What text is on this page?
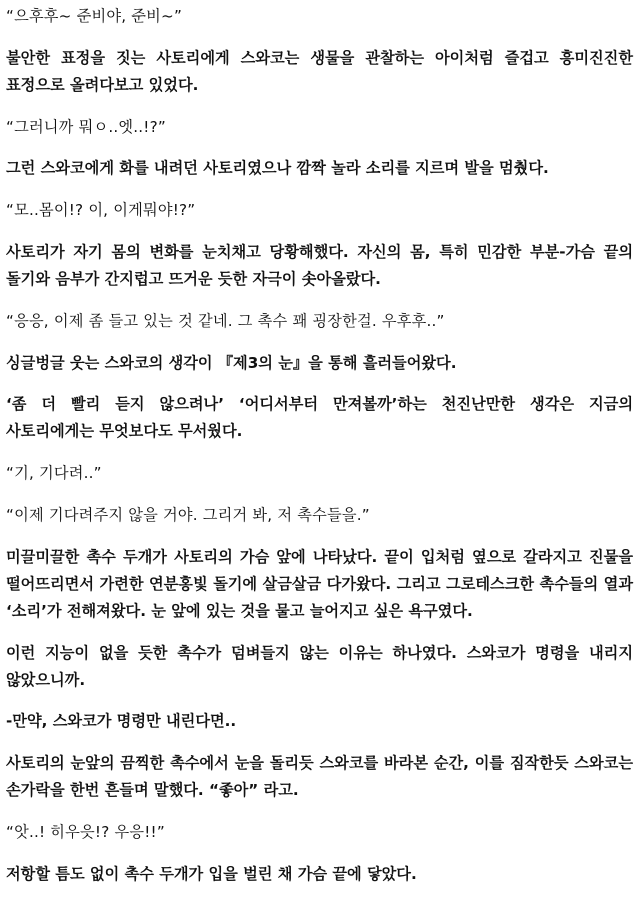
“으후후~ 준비야, 준비~”

불안한 표정을 짓는 사토리에게 스와코는 생물을 관찰하는 아이처럼 즐겁고 흥미진진한 표정으로 올려다보고 있었다.

“그러니까 뭐ㅇ..엣..!?”

그런 스와코에게 화를 내려던 사토리였으나 깜짝 놀라 소리를 지르며 발을 멈췄다.

“모..몸이!? 이, 이게뭐야!?”

사토리가 자기 몸의 변화를 눈치채고 당황해했다. 자신의 몸, 특히 민감한 부분-가슴 끝의 돌기와 음부가 간지럽고 뜨거운 듯한 자극이 솟아올랐다.

“응응, 이제 좀 들고 있는 것 같네. 그 촉수 꽤 굉장한걸. 우후후..”

싱글벙글 웃는 스와코의 생각이 『제3의 눈』을 통해 흘러들어왔다.

‘좀 더 빨리 듣지 않으려나’ ‘어디서부터 만져볼까’하는 천진난만한 생각은 지금의 사토리에게는 무엇보다도 무서웠다.

“기, 기다려..”

“이제 기다려주지 않을 거야. 그리거 봐, 저 촉수들을.”

미끌미끌한 촉수 두개가 사토리의 가슴 앞에 나타났다. 끝이 입처럼 옆으로 갈라지고 진물을 떨어뜨리면서 가련한 연분홍빛 돌기에 살금살금 다가왔다. 그리고 그로테스크한 촉수들의 열과 ‘소리’가 전해져왔다. 눈 앞에 있는 것을 물고 늘어지고 싶은 욕구였다.

이런 지능이 없을 듯한 촉수가 덤벼들지 않는 이유는 하나였다. 스와코가 명령을 내리지 않았으니까.

-만약, 스와코가 명령만 내린다면..

사토리의 눈앞의 끔찍한 촉수에서 눈을 돌리듯 스와코를 바라본 순간, 이를 짐작한듯 스와코는 손가락을 한번 흔들며 말했다. “좋아” 라고.

“앗..! 히우읏!? 우응!!”

저항할 틈도 없이 촉수 두개가 입을 벌린 채 가슴 끝에 닿았다.
